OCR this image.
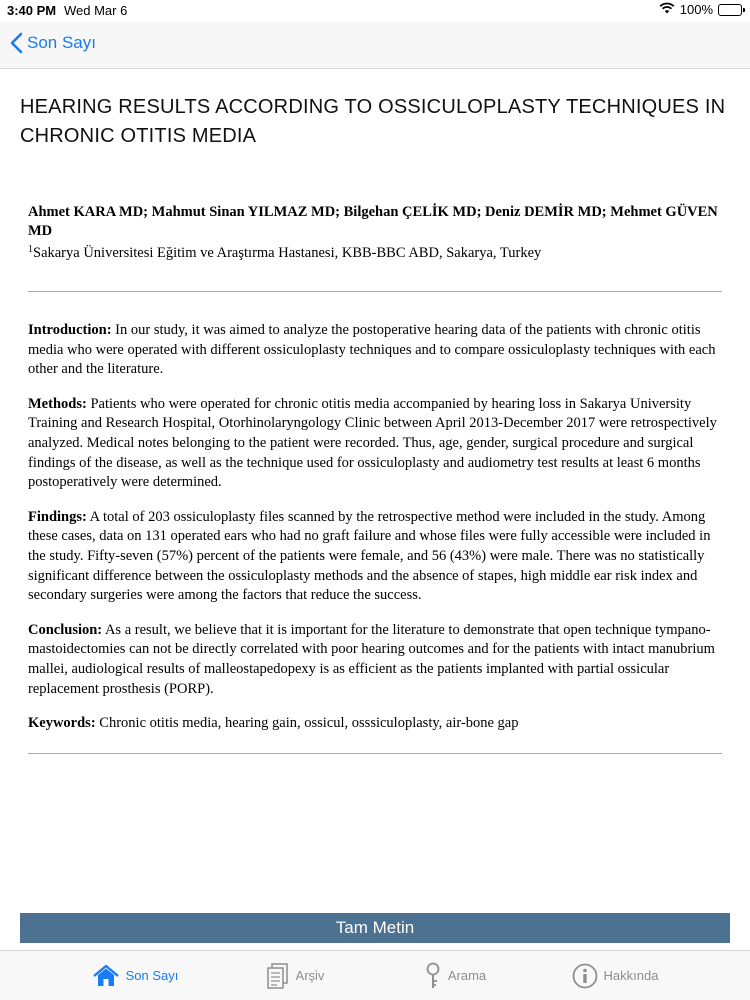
3:40 PM Wed Mar 6	100%
Son Sayı
HEARING RESULTS ACCORDING TO OSSICULOPLASTY TECHNIQUES IN CHRONIC OTITIS MEDIA
Ahmet KARA MD; Mahmut Sinan YILMAZ MD; Bilgehan ÇELİK MD; Deniz DEMİR MD; Mehmet GÜVEN MD
$^1$Sakarya Üniversitesi Eğitim ve Araştırma Hastanesi, KBB-BBC ABD, Sakarya, Turkey

Introduction: In our study, it was aimed to analyze the postoperative hearing data of the patients with chronic otitis media who were operated with different ossiculoplasty techniques and to compare ossiculoplasty techniques with each other and the literature.

Methods: Patients who were operated for chronic otitis media accompanied by hearing loss in Sakarya University Training and Research Hospital, Otorhinolaryngology Clinic between April 2013-December 2017 were retrospectively analyzed. Medical notes belonging to the patient were recorded. Thus, age, gender, surgical procedure and surgical findings of the disease, as well as the technique used for ossiculoplasty and audiometry test results at least 6 months postoperatively were determined.

Findings: A total of 203 ossiculoplasty files scanned by the retrospective method were included in the study. Among these cases, data on 131 operated ears who had no graft failure and whose files were fully accessible were included in the study. Fifty-seven (57%) percent of the patients were female, and 56 (43%) were male. There was no statistically significant difference between the ossiculoplasty methods and the absence of stapes, high middle ear risk index and secondary surgeries were among the factors that reduce the success.

Conclusion: As a result, we believe that it is important for the literature to demonstrate that open technique tympano-mastoidectomies can not be directly correlated with poor hearing outcomes and for the patients with intact manubrium mallei, audiological results of malleostapedopexy is as efficient as the patients implanted with partial ossicular replacement prosthesis (PORP).

Keywords: Chronic otitis media, hearing gain, ossicul, osssiculoplasty, air-bone gap

Tam Metin
Son Sayı	Arşiv	Arama	Hakkında
